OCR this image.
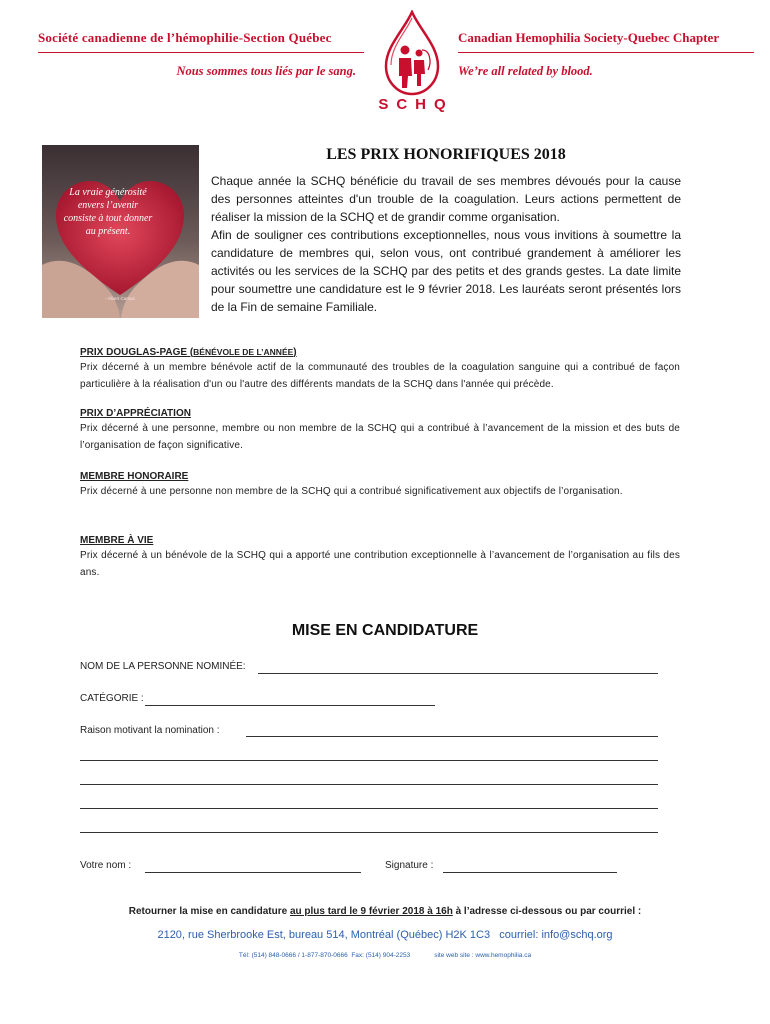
Société canadienne de l’hémophilie-Section Québec
Nous sommes tous liés par le sang.
SCHQ
Canadian Hemophilia Society-Quebec Chapter
We’re all related by blood.
La vraie générosité
envers l’avenir
consiste à tout donner
au présent.
- Albert Camus
LES PRIX HONORIFIQUES 2018

Chaque année la SCHQ bénéficie du travail de ses membres dévoués pour la cause des personnes atteintes d'un trouble de la coagulation. Leurs actions permettent de réaliser la mission de la SCHQ et de grandir comme organisation.

Afin de souligner ces contributions exceptionnelles, nous vous invitions à soumettre la candidature de membres qui, selon vous, ont contribué grandement à améliorer les activités ou les services de la SCHQ par des petits et des grands gestes. La date limite pour soumettre une candidature est le 9 février 2018. Les lauréats seront présentés lors de la Fin de semaine Familiale.

PRIX DOUGLAS-PAGE (BÉNÉVOLE DE L’ANNÉE)
Prix décerné à un membre bénévole actif de la communauté des troubles de la coagulation sanguine qui a contribué de façon particulière à la réalisation d'un ou l'autre des différents mandats de la SCHQ dans l'année qui précède.
PRIX D’APPRÉCIATION
Prix décerné à une personne, membre ou non membre de la SCHQ qui a contribué à l’avancement de la mission et des buts de l’organisation de façon significative.
MEMBRE HONORAIRE
Prix décerné à une personne non membre de la SCHQ qui a contribué significativement aux objectifs de l’organisation.
MEMBRE À VIE
Prix décerné à un bénévole de la SCHQ qui a apporté une contribution exceptionnelle à l’avancement de l’organisation au fils des ans.
MISE EN CANDIDATURE
NOM DE LA PERSONNE NOMINÉE:
CATÉGORIE :
Raison motivant la nomination :
Votre nom :	Signature :
Retourner la mise en candidature au plus tard le 9 février 2018 à 16h à l’adresse ci-dessous ou par courriel :
2120, rue Sherbrooke Est, bureau 514, Montréal (Québec) H2K 1C3 courriel: info@schq.org
Tél: (514) 848-0666 / 1-877-870-0666 Fax: (514) 904-2253	site web site : www.hemophilia.ca
